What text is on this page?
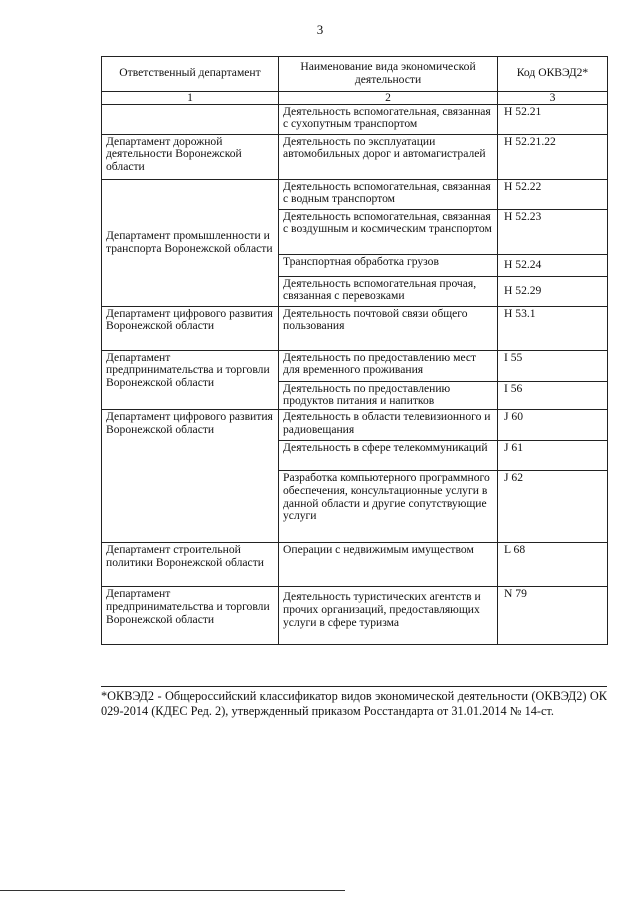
3
Ответственный департамент	Наименование вида экономической деятельности	Код ОКВЭД2*
1	2	3
	Деятельность вспомогательная, связанная с сухопутным транспортом	Н 52.21
Департамент дорожной деятельности Воронежской области	Деятельность по эксплуатации автомобильных дорог и автомагистралей	Н 52.21.22
Департамент промышленности и транспорта Воронежской области	Деятельность вспомогательная, связанная с водным транспортом	Н 52.22
	Деятельность вспомогательная, связанная с воздушным и космическим транспортом	Н 52.23
	Транспортная обработка грузов	Н 52.24
	Деятельность вспомогательная прочая, связанная с перевозками	Н 52.29
Департамент цифрового развития Воронежской области	Деятельность почтовой связи общего пользования	Н 53.1
Департамент предпринимательства и торговли Воронежской области	Деятельность по предоставлению мест для временного проживания	I 55
	Деятельность по предоставлению продуктов питания и напитков	I 56
Департамент цифрового развития Воронежской области	Деятельность в области телевизионного и радиовещания	J 60
	Деятельность в сфере телекоммуникаций	J 61
	Разработка компьютерного программного обеспечения, консультационные услуги в данной области и другие сопутствующие услуги	J 62
Департамент строительной политики Воронежской области	Операции с недвижимым имуществом	L 68
Департамент предпринимательства и торговли Воронежской области	Деятельность туристических агентств и прочих организаций, предоставляющих услуги в сфере туризма	N 79
*ОКВЭД2 - Общероссийский классификатор видов экономической деятельности (ОКВЭД2) ОК 029-2014 (КДЕС Ред. 2), утвержденный приказом Росстандарта от 31.01.2014 № 14-ст.
